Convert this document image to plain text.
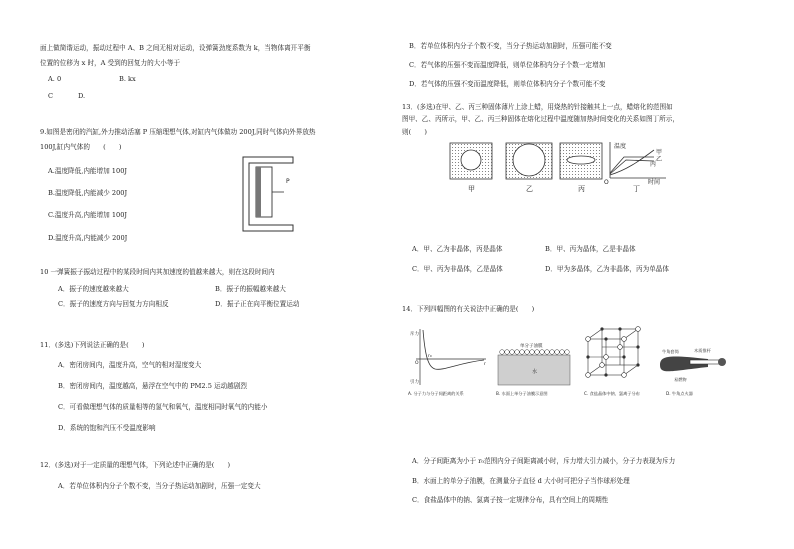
面上做简谐运动，振动过程中 A、B 之间无相对运动，设弹簧劲度系数为 k，当物体离开平衡
位置的位移为 x 时，A 受到的回复力的大小等于
A. 0	B. kx
C	D.
9.如图是密闭的汽缸,外力推动活塞 P 压缩理想气体,对缸内气体做功 200J,同时气体向外界放热
100J,缸内气体的　　(　　)
A.温度降低,内能增加 100J
B.温度降低,内能减少 200J
C.温度升高,内能增加 100J
D.温度升高,内能减少 200J
P
10 一弹簧振子振动过程中的某段时间内其加速度的值越来越大，则在这段时间内
A．振子的速度越来越大	B．振子的振幅越来越大
C．振子的速度方向与回复力方向相反	D．振子正在向平衡位置运动
11．(多选)下列说法正确的是(　　)
A．密闭房间内，温度升高，空气的相对湿度变大
B．密闭房间内，温度越高，悬浮在空气中的 PM2.5 运动越剧烈
C．可看做理想气体的质量相等的氢气和氧气，温度相同时氧气的内能小
D．系统的饱和汽压不受温度影响
12．(多选)对于一定质量的理想气体，下列论述中正确的是(　　)
A．若单位体积内分子个数不变，当分子热运动加剧时，压强一定变大
B．若单位体积内分子个数不变，当分子热运动加剧时，压强可能不变
C．若气体的压强不变而温度降低，则单位体积内分子个数一定增加
D．若气体的压强不变而温度降低，则单位体积内分子个数可能不变
13．(多选)在甲、乙、丙三种固体薄片上涂上蜡，用烧热的针接触其上一点，蜡熔化的范围如
图甲、乙、丙所示，甲、乙、丙三种固体在熔化过程中温度随加热时间变化的关系如图丁所示，
则(　　)
甲	乙	丙
温度
O	时间
甲
乙
丙
丁
A．甲、乙为非晶体，丙是晶体	B．甲、丙为晶体，乙是非晶体
C．甲、丙为非晶体，乙是晶体	D．甲为多晶体，乙为非晶体，丙为单晶体
14．下列四幅图的有关说法中正确的是(　　)
斥力
引力
O
r₀
r
A. 分子力与分子间距离的关系
单分子油膜
水
B. 水面上单分子油膜示意图	C. 食盐晶体中钠、氯离子分布
牛角套筒	木质推杆
易燃物
D. 牛角点火器
A．分子间距离为小于 r₀范围内分子间距离减小时，斥力增大引力减小，分子力表现为斥力
B．水面上的单分子油膜，在测量分子直径 d 大小时可把分子当作球形处理
C．食盐晶体中的钠、氯离子按一定规律分布，具有空间上的周期性
